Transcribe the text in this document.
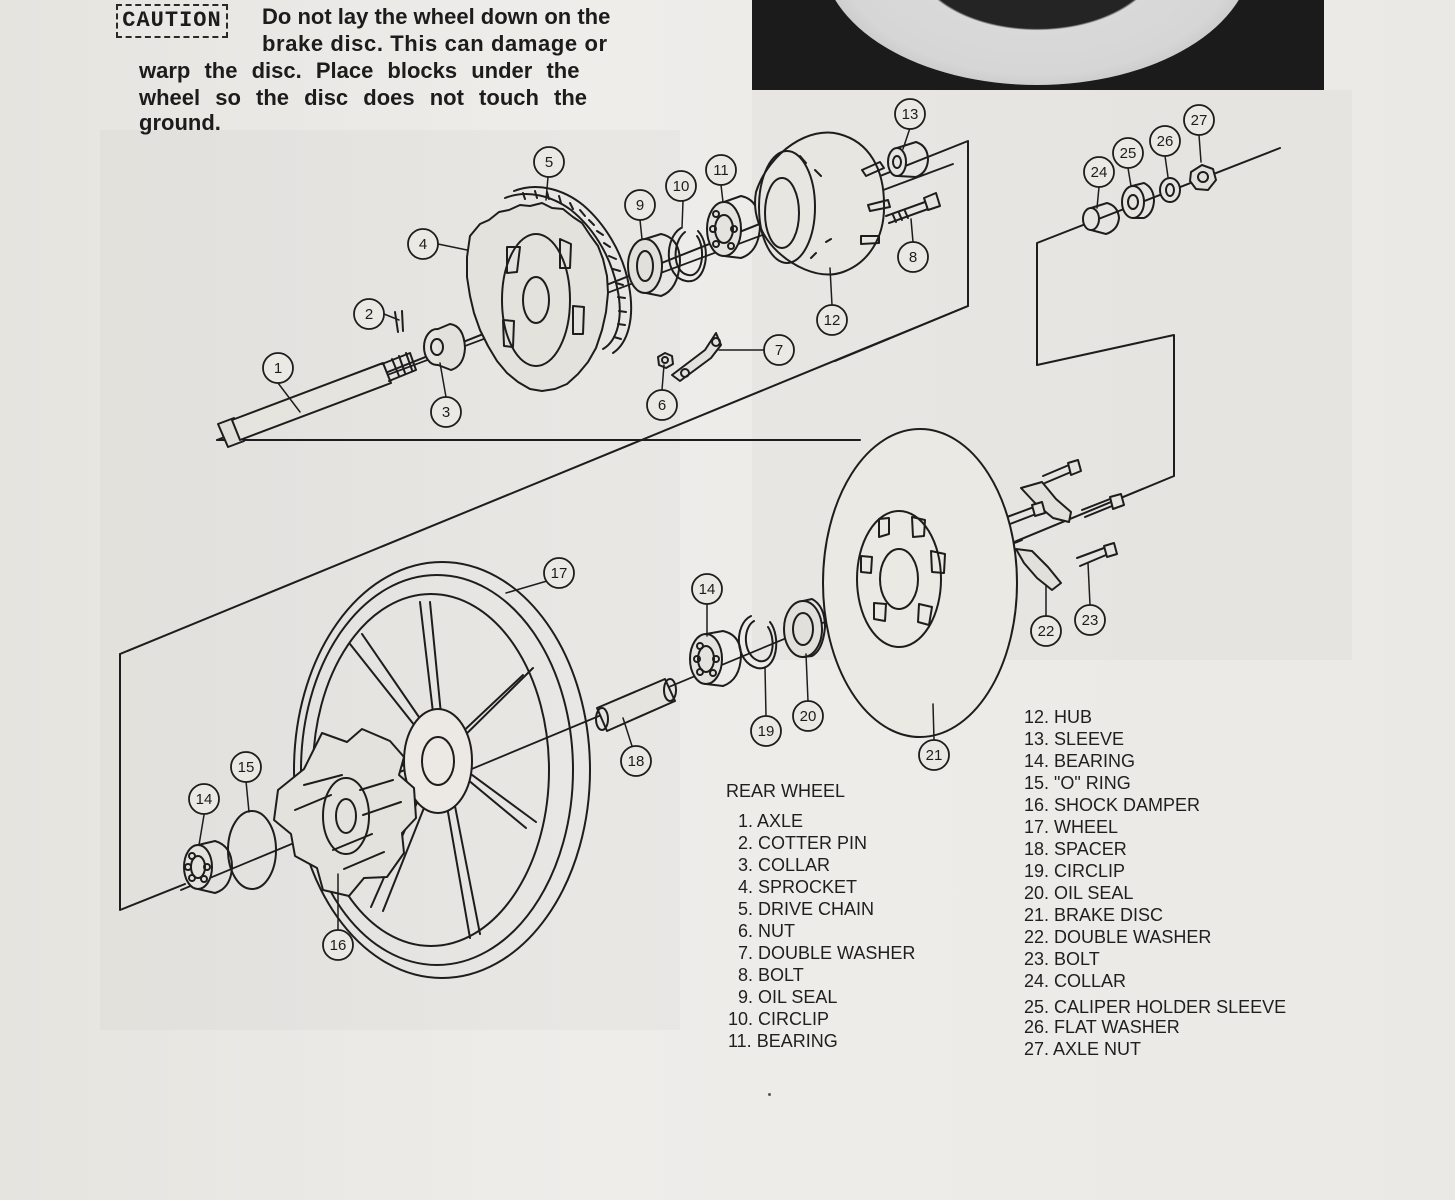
CAUTION Do not lay the wheel down on the
brake disc. This can damage or
warp the disc. Place blocks under the
wheel so the disc does not touch the
ground.
1
2
3
4
5
6
7
8
9
10
11
12
13
14
14
15
16
17
18
19
20
21
22
23
24
25
26
27
REAR WHEEL
1. AXLE
2. COTTER PIN
3. COLLAR
4. SPROCKET
5. DRIVE CHAIN
6. NUT
7. DOUBLE WASHER
8. BOLT
9. OIL SEAL
10. CIRCLIP
11. BEARING
12. HUB
13. SLEEVE
14. BEARING
15. "O" RING
16. SHOCK DAMPER
17. WHEEL
18. SPACER
19. CIRCLIP
20. OIL SEAL
21. BRAKE DISC
22. DOUBLE WASHER
23. BOLT
24. COLLAR
25. CALIPER HOLDER SLEEVE
26. FLAT WASHER
27. AXLE NUT
